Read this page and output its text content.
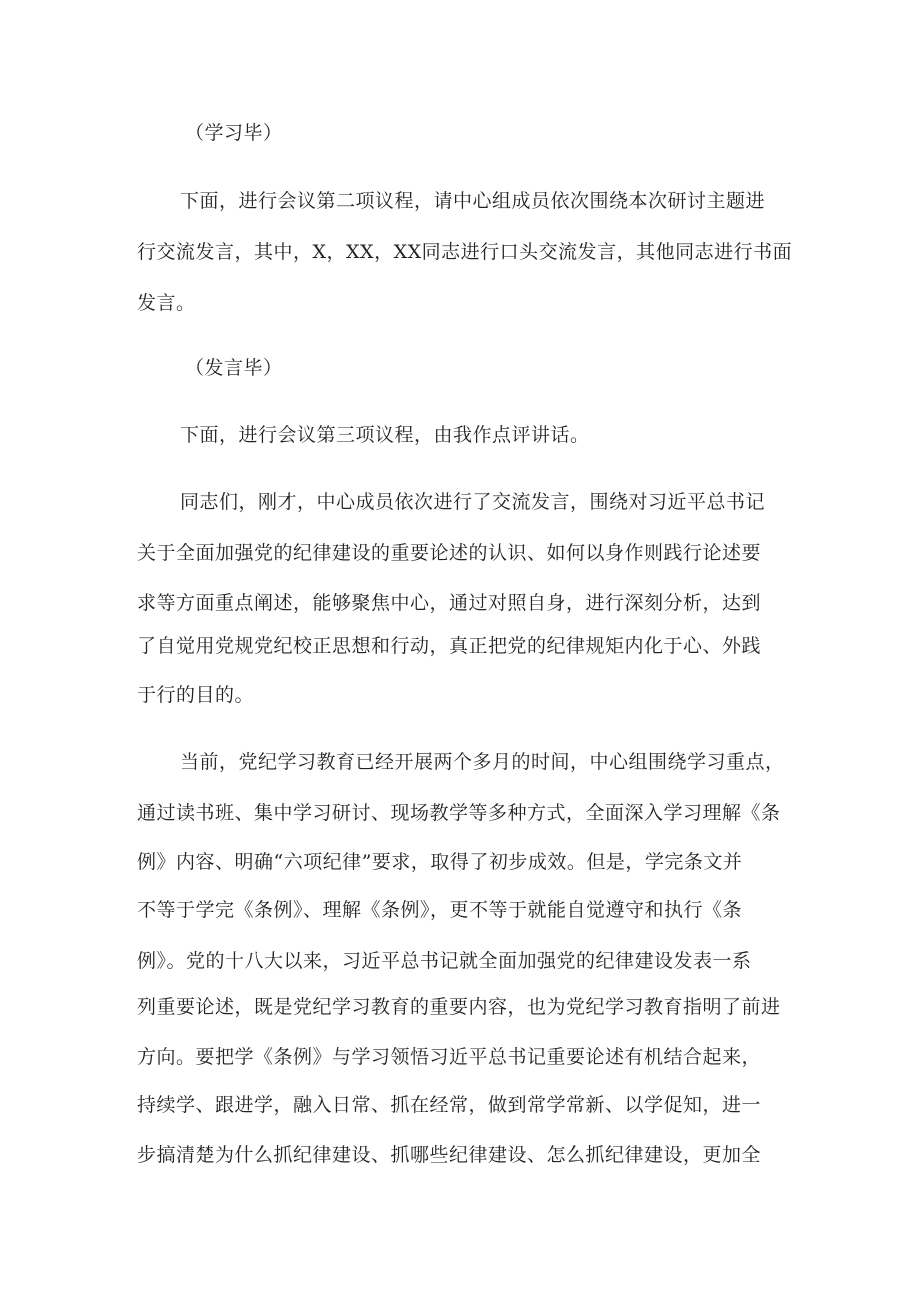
（学习毕）

下面，进行会议第二项议程，请中心组成员依次围绕本次研讨主题进

行交流发言，其中，X，XX，XX同志进行口头交流发言，其他同志进行书面

发言。

（发言毕）

下面，进行会议第三项议程，由我作点评讲话。

同志们，刚才，中心成员依次进行了交流发言，围绕对习近平总书记

关于全面加强党的纪律建设的重要论述的认识、如何以身作则践行论述要

求等方面重点阐述，能够聚焦中心，通过对照自身，进行深刻分析，达到

了自觉用党规党纪校正思想和行动，真正把党的纪律规矩内化于心、外践

于行的目的。

当前，党纪学习教育已经开展两个多月的时间，中心组围绕学习重点，

通过读书班、集中学习研讨、现场教学等多种方式，全面深入学习理解《条

例》内容、明确“六项纪律”要求，取得了初步成效。但是，学完条文并

不等于学完《条例》、理解《条例》，更不等于就能自觉遵守和执行《条

例》。党的十八大以来，习近平总书记就全面加强党的纪律建设发表一系

列重要论述，既是党纪学习教育的重要内容，也为党纪学习教育指明了前进

方向。要把学《条例》与学习领悟习近平总书记重要论述有机结合起来，

持续学、跟进学，融入日常、抓在经常，做到常学常新、以学促知，进一

步搞清楚为什么抓纪律建设、抓哪些纪律建设、怎么抓纪律建设，更加全
